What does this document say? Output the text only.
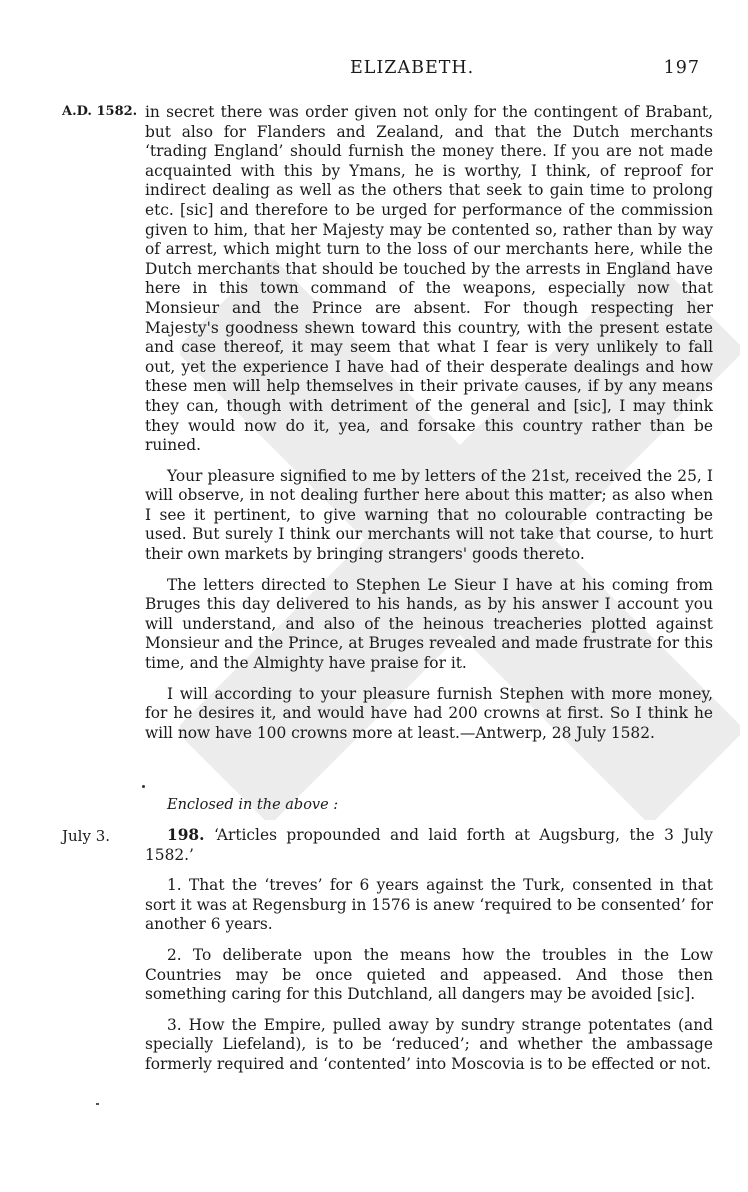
ELIZABETH.	197
A.D. 1582. in secret there was order given not only for the contingent of Brabant, but also for Flanders and Zealand, and that the Dutch merchants ‘trading England’ should furnish the money there. If you are not made acquainted with this by Ymans, he is worthy, I think, of reproof for indirect dealing as well as the others that seek to gain time to prolong etc. [sic] and therefore to be urged for performance of the commission given to him, that her Majesty may be contented so, rather than by way of arrest, which might turn to the loss of our merchants here, while the Dutch merchants that should be touched by the arrests in England have here in this town command of the weapons, especially now that Monsieur and the Prince are absent. For though respecting her Majesty's goodness shewn toward this country, with the present estate and case thereof, it may seem that what I fear is very unlikely to fall out, yet the experience I have had of their desperate dealings and how these men will help themselves in their private causes, if by any means they can, though with detriment of the general and [sic], I may think they would now do it, yea, and forsake this country rather than be ruined.

Your pleasure signified to me by letters of the 21st, received the 25, I will observe, in not dealing further here about this matter; as also when I see it pertinent, to give warning that no colourable contracting be used. But surely I think our merchants will not take that course, to hurt their own markets by bringing strangers' goods thereto.

The letters directed to Stephen Le Sieur I have at his coming from Bruges this day delivered to his hands, as by his answer I account you will understand, and also of the heinous treacheries plotted against Monsieur and the Prince, at Bruges revealed and made frustrate for this time, and the Almighty have praise for it.

I will according to your pleasure furnish Stephen with more money, for he desires it, and would have had 200 crowns at first. So I think he will now have 100 crowns more at least.—Antwerp, 28 July 1582.

Enclosed in the above :
July 3.	198. ‘Articles propounded and laid forth at Augsburg, the 3 July 1582.’

1. That the ‘treves’ for 6 years against the Turk, consented in that sort it was at Regensburg in 1576 is anew ‘required to be consented’ for another 6 years.

2. To deliberate upon the means how the troubles in the Low Countries may be once quieted and appeased. And those then something caring for this Dutchland, all dangers may be avoided [sic].

3. How the Empire, pulled away by sundry strange potentates (and specially Liefeland), is to be ‘reduced’; and whether the ambassage formerly required and ‘contented’ into Moscovia is to be effected or not.
